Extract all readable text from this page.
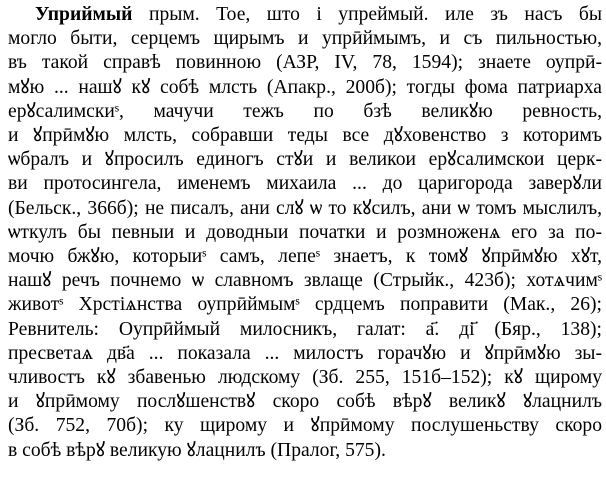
Уприймый прым. Тое, што і упреймый. иле зъ насъ бы
могло быти, серцемъ щирымъ и упрӣймымъ, и съ пильностью,
въ такой справѣ повинною (АЗР, IV, 78, 1594); знаете оупрӣ-
мꙋю ... нашꙋ кꙋ собѣ млсть (Апакр., 200б); тогды фома патриарха
ерꙋсалимскиˢ, мачучи тежъ по бзѣ великꙋю ревность,
и ꙋпрӣмꙋю млсть, собравши теды все дꙋховенство з которимъ
ѡбралъ и ꙋпросилъ единогъ стꙋи и великои ерꙋсалимскои церк-
ви протосингела, именемъ михаила ... до царигорода заверꙋли
(Бельск., 366б); не писалъ, ани слꙋ ѡ то кꙋсилъ, ани ѡ томъ мыслилъ,
ѡткулъ бы певныи и доводныи початки и розмноженѧ его за по-
мочю бжꙋю, которыиˢ самъ, лепеˢ знаетъ, к томꙋ ꙋпрӣмꙋю хꙋт,
нашꙋ речъ почнемо ѡ славномъ звлаще (Стрыйк., 423б); хотѧчимˢ
животˢ Хрстіѧнства оупрӣймымˢ срдцемъ поправити (Мак., 26);
Ревнитель: Оупрӣймый милосникъ, галат: а҃. ді҃ (Бяр., 138);
пресветаѧ дв҃а ... показала ... милостъ горачꙋю и ꙋпрӣмꙋю зы-
чливостъ кꙋ збавенью людскому (Зб. 255, 151б–152); кꙋ щирому
и ꙋпрӣмому послꙋшенствꙋ скоро собѣ вѣрꙋ великꙋ ꙋлацнилъ
(Зб. 752, 70б); ку щирому и ꙋпрӣмому послушеньству скоро
в собѣ вѣрꙋ великую ꙋлацнилъ (Пралог, 575).
